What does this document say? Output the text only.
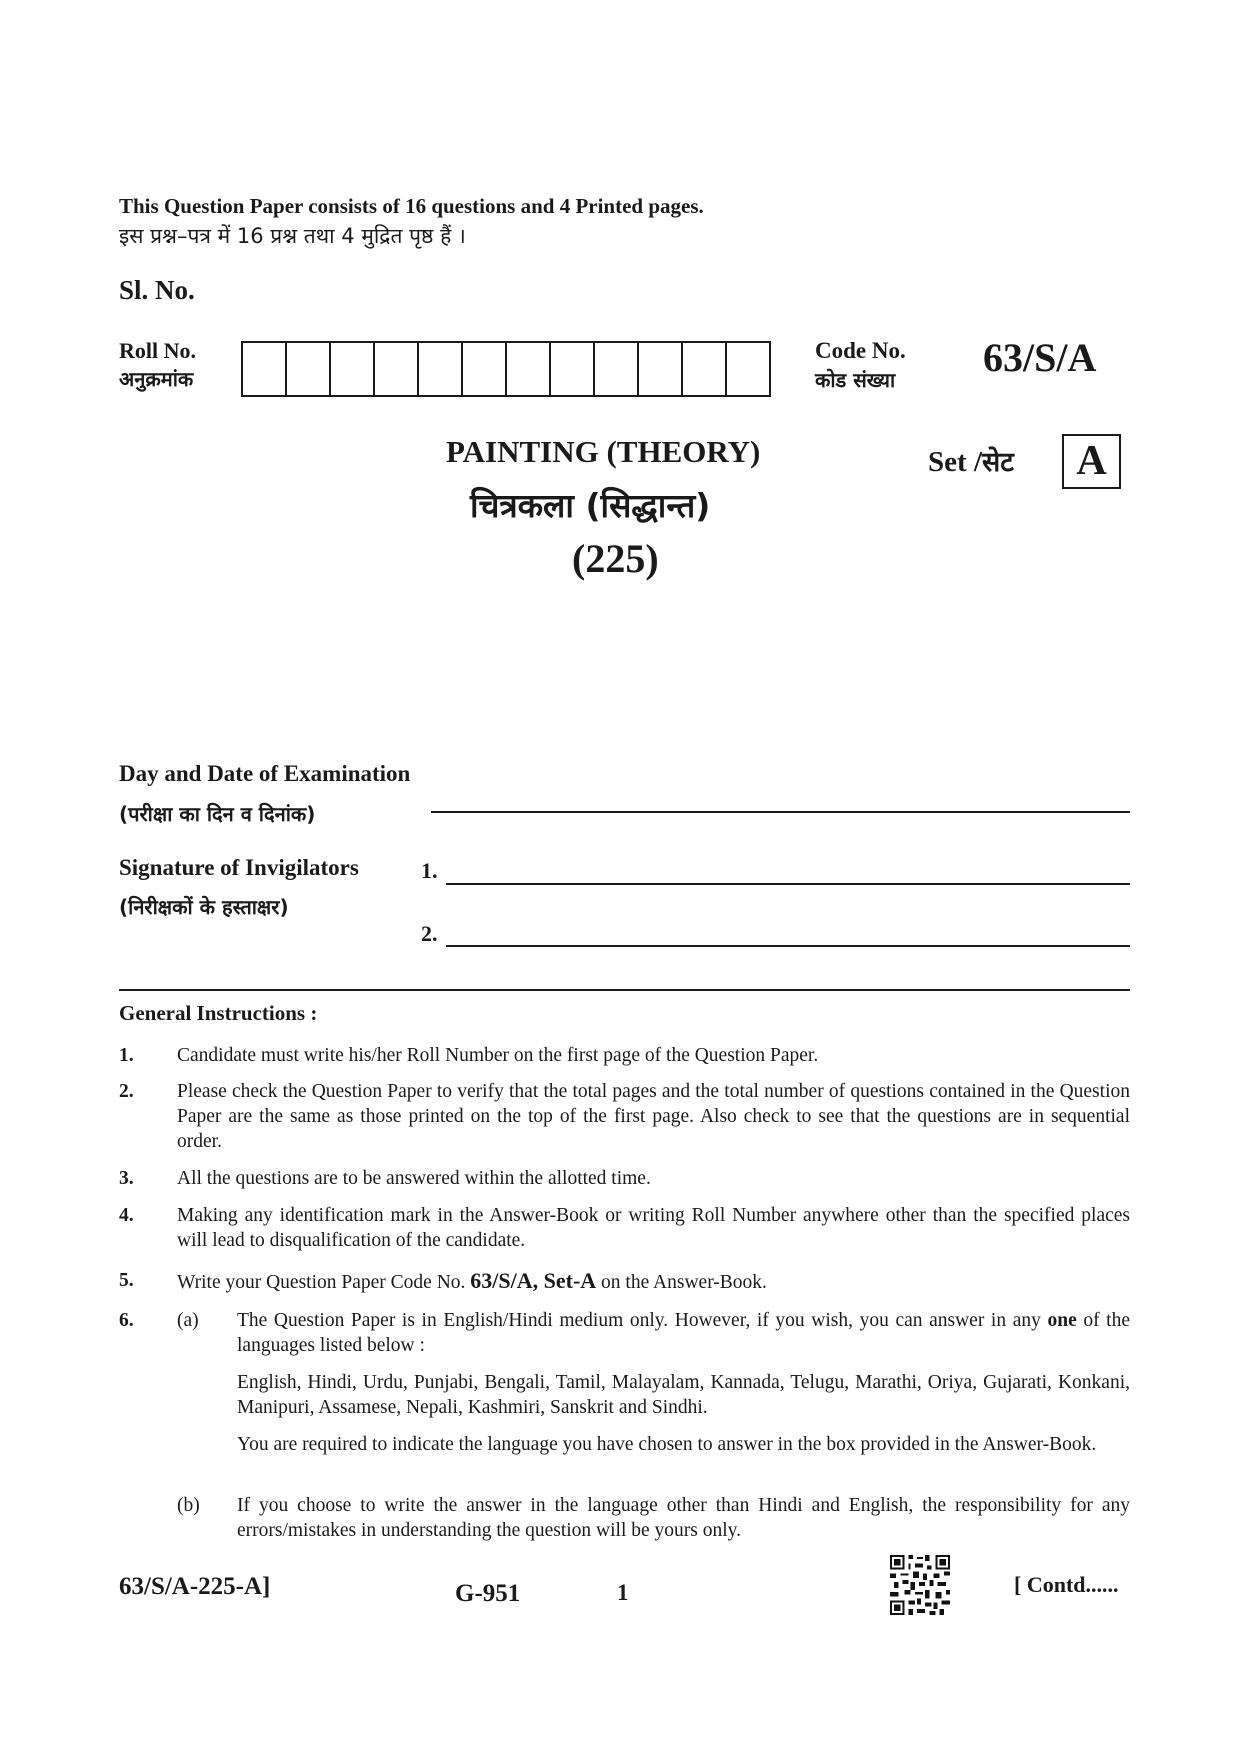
This Question Paper consists of 16 questions and 4 Printed pages.
इस प्रश्न–पत्र में 16 प्रश्न तथा 4 मुद्रित पृष्ठ हैं ।
Sl. No.
Roll No.
अनुक्रमांक
Code No.
कोड संख्या 63/S/A
PAINTING (THEORY)
चित्रकला (सिद्धान्त)
(225)
Set /सेट	A
Day and Date of Examination
(परीक्षा का दिन व दिनांक)
Signature of Invigilators
(निरीक्षकों के हस्ताक्षर)
1.
2.
General Instructions :
1. Candidate must write his/her Roll Number on the first page of the Question Paper.
2. Please check the Question Paper to verify that the total pages and the total number of questions contained in the Question Paper are the same as those printed on the top of the first page. Also check to see that the questions are in sequential order.
3. All the questions are to be answered within the allotted time.
4. Making any identification mark in the Answer-Book or writing Roll Number anywhere other than the specified places will lead to disqualification of the candidate.
5. Write your Question Paper Code No. 63/S/A, Set-A on the Answer-Book.
6. (a) The Question Paper is in English/Hindi medium only. However, if you wish, you can answer in any one of the languages listed below :
English, Hindi, Urdu, Punjabi, Bengali, Tamil, Malayalam, Kannada, Telugu, Marathi, Oriya, Gujarati, Konkani, Manipuri, Assamese, Nepali, Kashmiri, Sanskrit and Sindhi.
You are required to indicate the language you have chosen to answer in the box provided in the Answer-Book.
(b) If you choose to write the answer in the language other than Hindi and English, the responsibility for any errors/mistakes in understanding the question will be yours only.
63/S/A-225-A]	G-951	1	[ Contd......
